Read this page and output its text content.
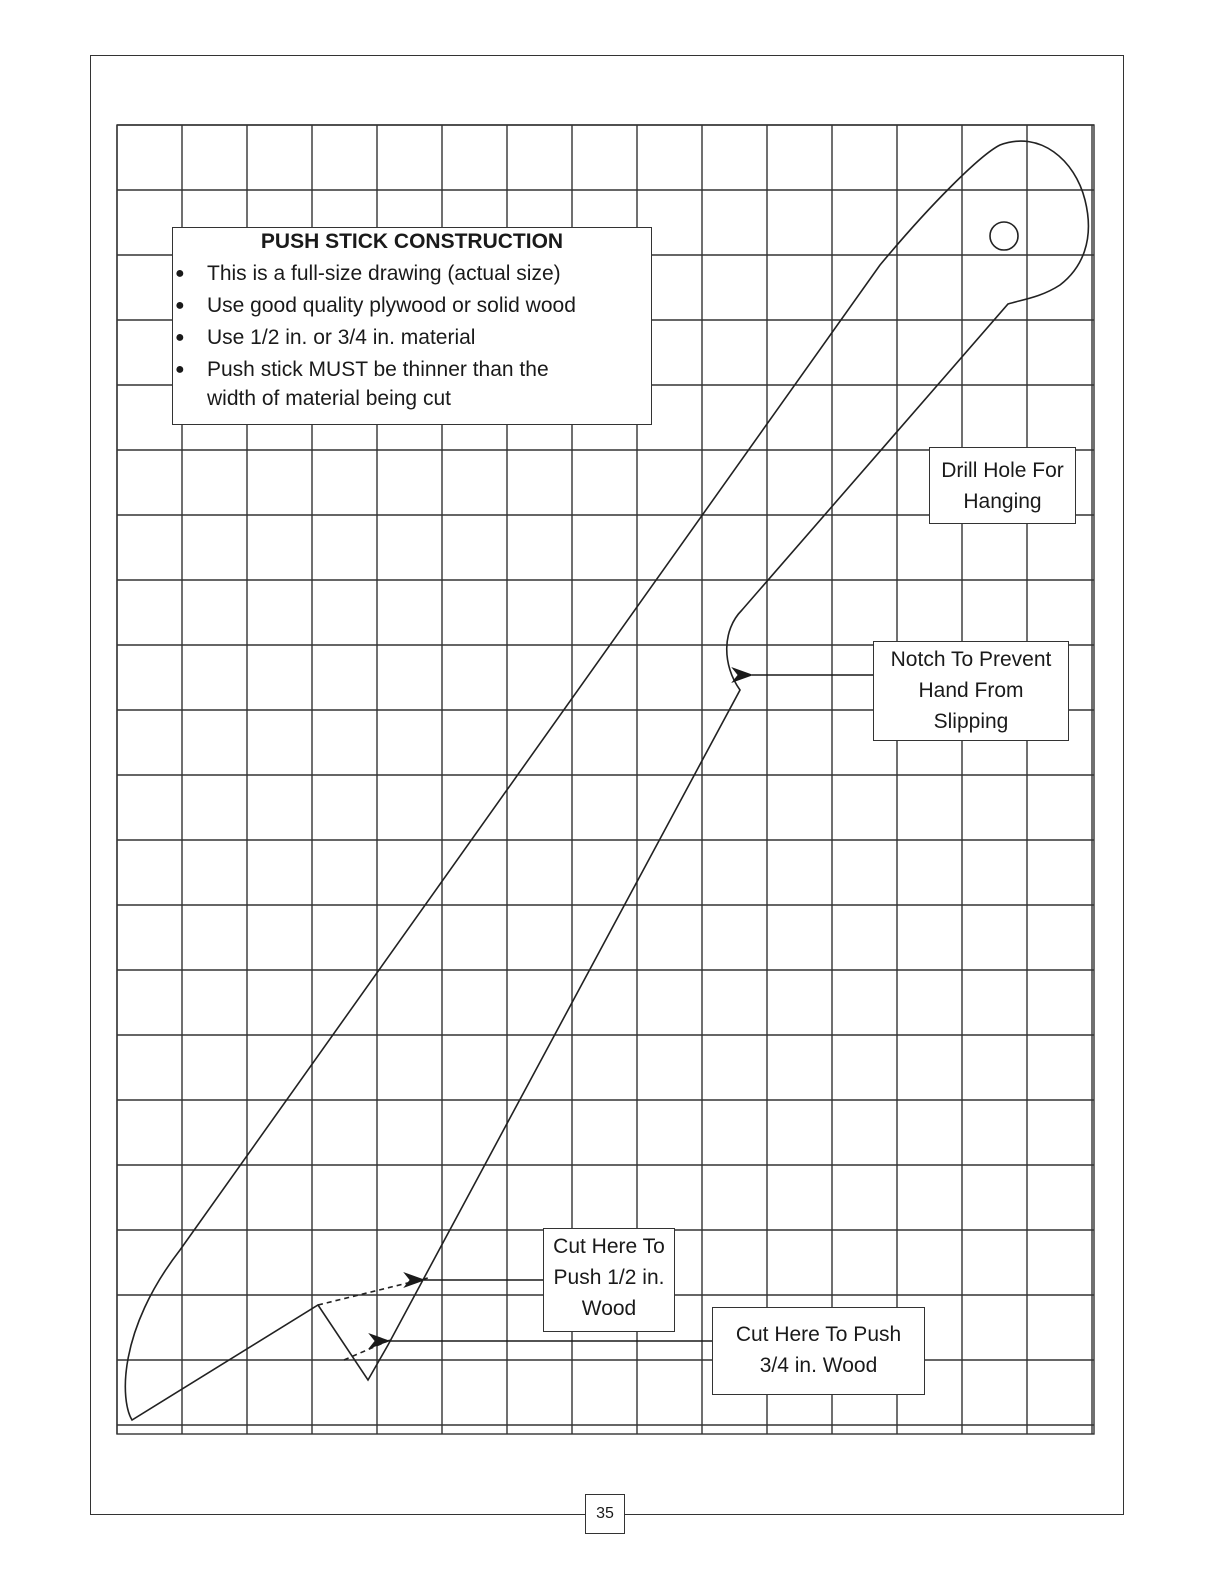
PUSH STICK CONSTRUCTION
● This is a full-size drawing (actual size)
● Use good quality plywood or solid wood
● Use 1/2 in. or 3/4 in. material
● Push stick MUST be thinner than the
width of material being cut
Drill Hole For
Hanging
Notch To Prevent
Hand From
Slipping
Cut Here To
Push 1/2 in.
Wood
Cut Here To Push
3/4 in. Wood
35
